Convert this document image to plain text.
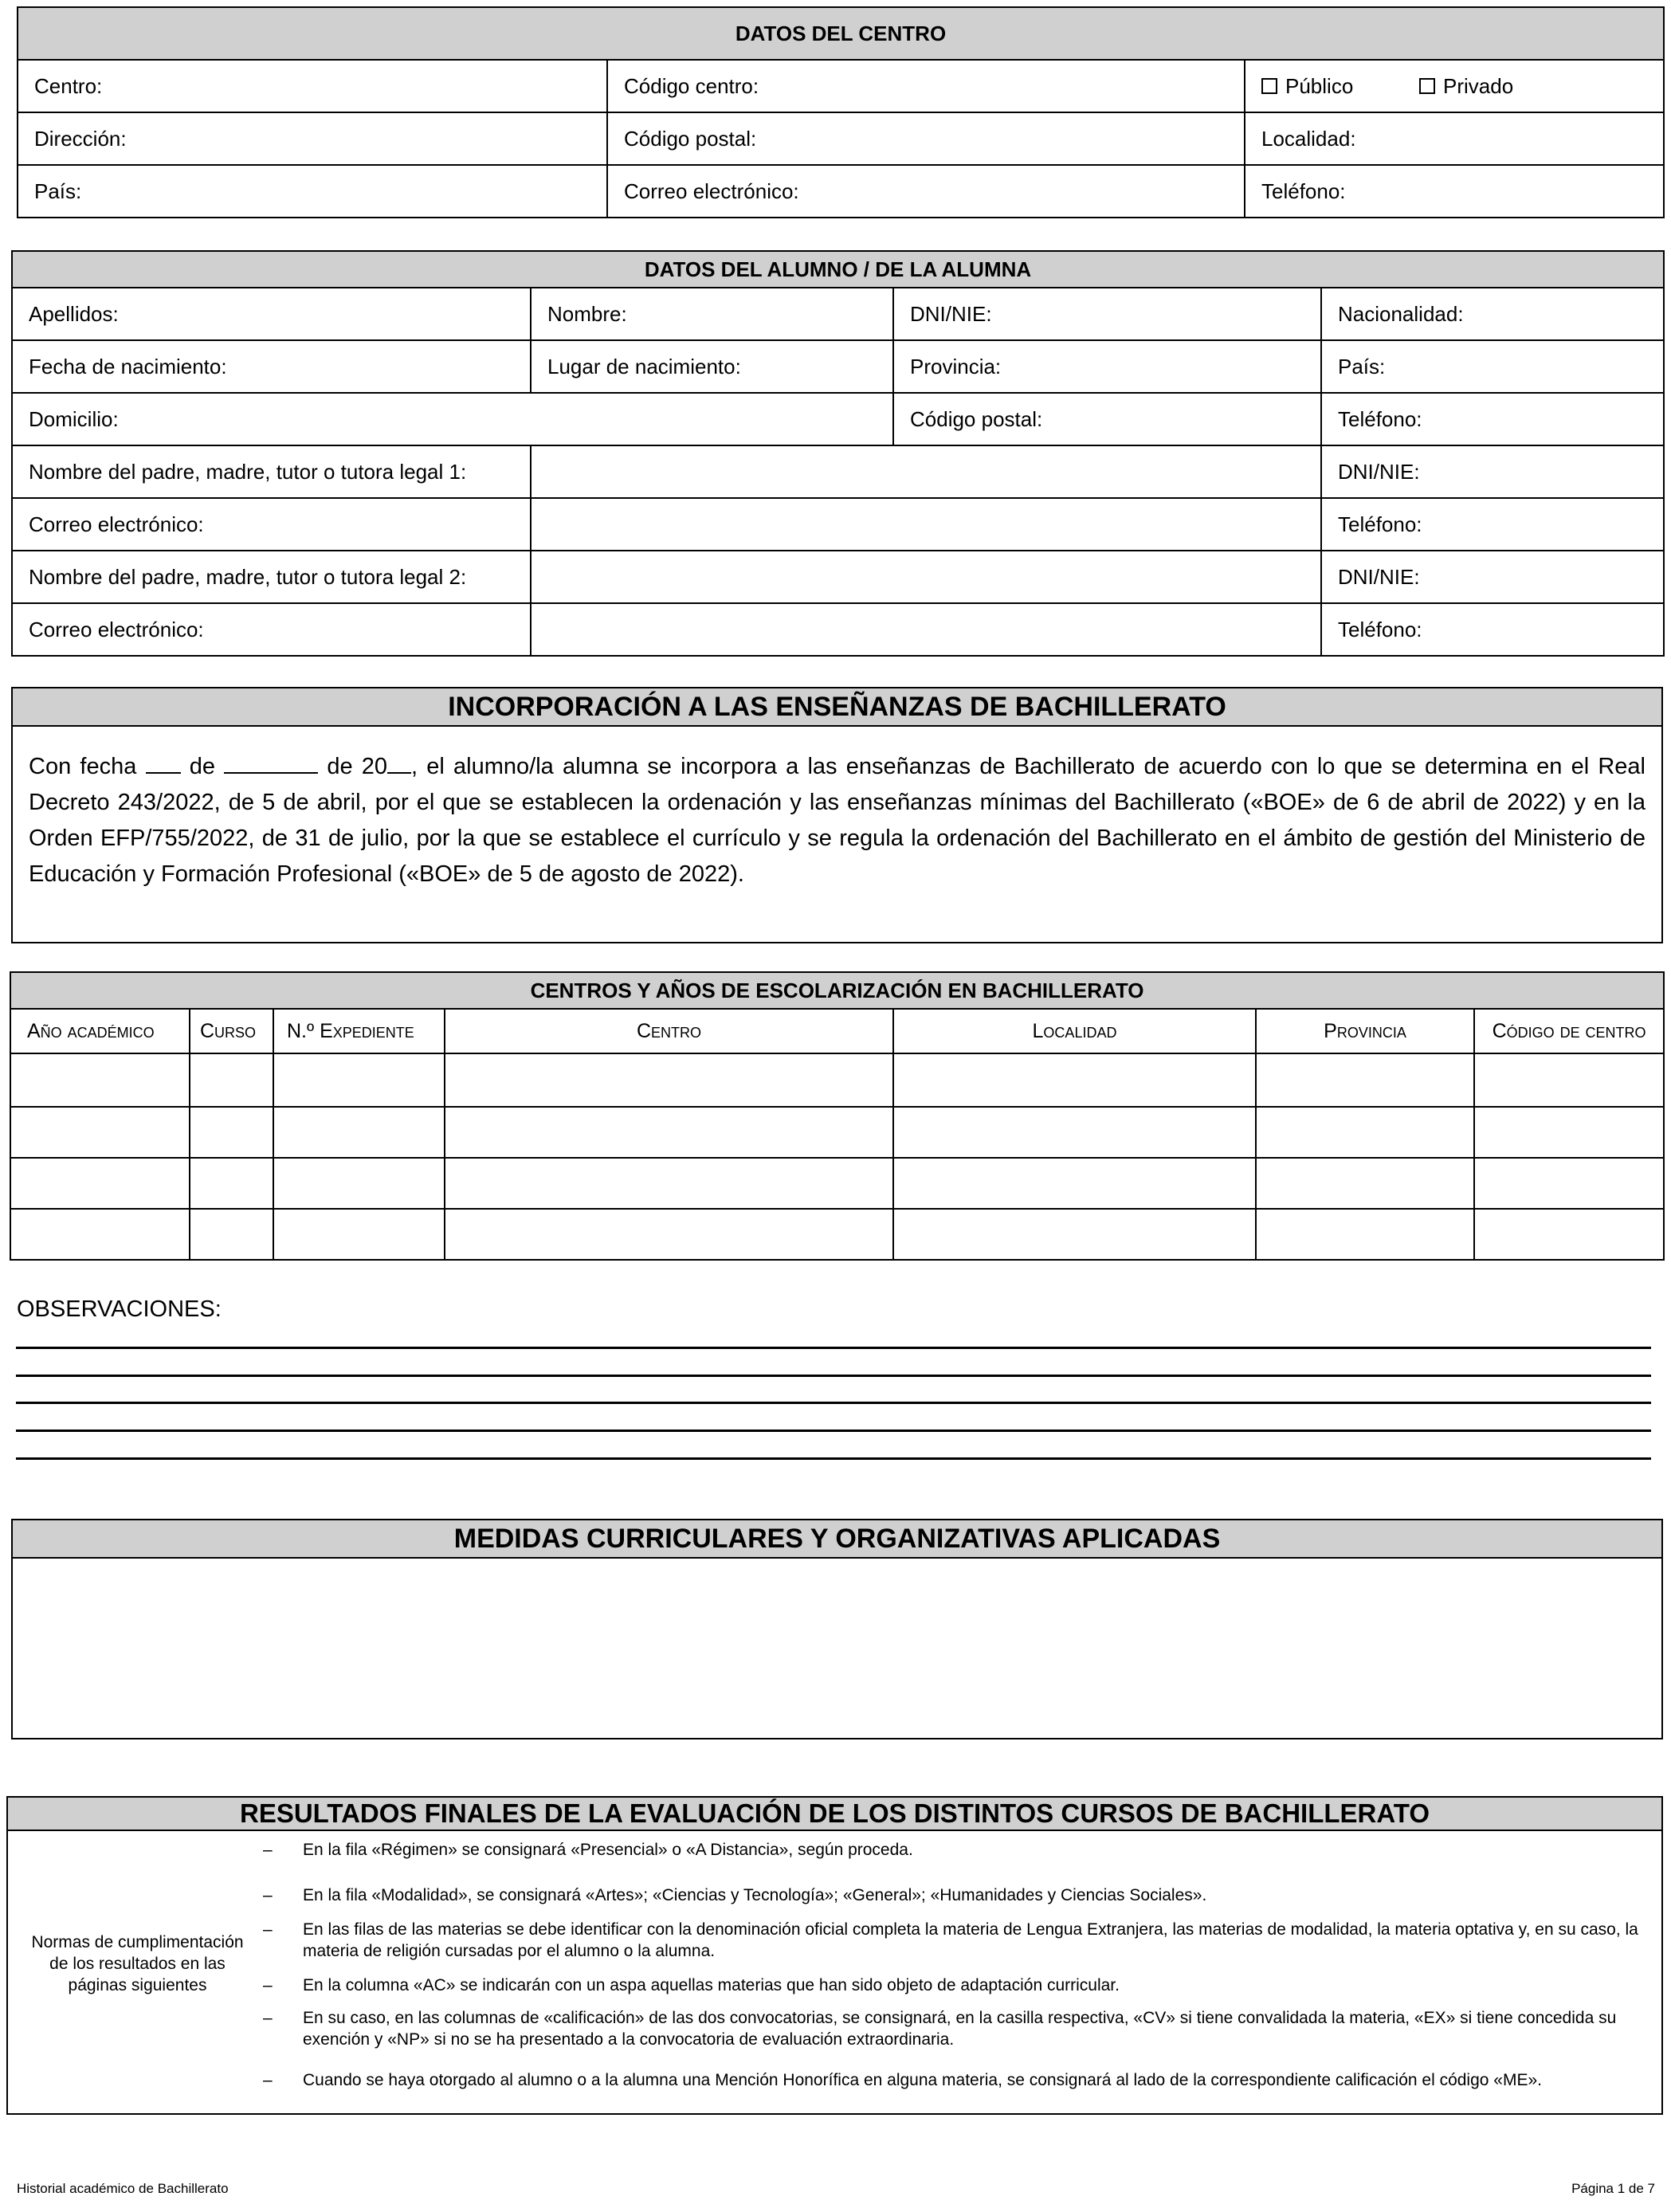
DATOS DEL CENTRO		
Centro:	Código centro:	Público Privado
Dirección:	Código postal:	Localidad:
País:	Correo electrónico:	Teléfono:
DATOS DEL ALUMNO / DE LA ALUMNA			
Apellidos:	Nombre:	DNI/NIE:	Nacionalidad:
Fecha de nacimiento:	Lugar de nacimiento:	Provincia:	País:
Domicilio:		Código postal:	Teléfono:
Nombre del padre, madre, tutor o tutora legal 1:			DNI/NIE:
Correo electrónico:			Teléfono:
Nombre del padre, madre, tutor o tutora legal 2:			DNI/NIE:
Correo electrónico:			Teléfono:
INCORPORACIÓN A LAS ENSEÑANZAS DE BACHILLERATO
Con fecha de	de 20 , el alumno/la alumna se incorpora a las enseñanzas de Bachillerato de acuerdo con lo que se determina en el Real Decreto 243/2022, de 5 de abril, por el que se establecen la ordenación y las enseñanzas mínimas del Bachillerato («BOE» de 6 de abril de 2022) y en la Orden EFP/755/2022, de 31 de julio, por la que se establece el currículo y se regula la ordenación del Bachillerato en el ámbito de gestión del Ministerio de Educación y Formación Profesional («BOE» de 5 de agosto de 2022).
CENTROS Y AÑOS DE ESCOLARIZACIÓN EN BACHILLERATO						
Año académico	Curso	N.º Expediente	Centro	Localidad	Provincia	Código de centro

OBSERVACIONES:
MEDIDAS CURRICULARES Y ORGANIZATIVAS APLICADAS
RESULTADOS FINALES DE LA EVALUACIÓN DE LOS DISTINTOS CURSOS DE BACHILLERATO
Normas de cumplimentación de los resultados en las páginas siguientes
– En la fila «Régimen» se consignará «Presencial» o «A Distancia», según proceda.
– En la fila «Modalidad», se consignará «Artes»; «Ciencias y Tecnología»; «General»; «Humanidades y Ciencias Sociales».
– En las filas de las materias se debe identificar con la denominación oficial completa la materia de Lengua Extranjera, las materias de modalidad, la materia optativa y, en su caso, la materia de religión cursadas por el alumno o la alumna.
– En la columna «AC» se indicarán con un aspa aquellas materias que han sido objeto de adaptación curricular.
– En su caso, en las columnas de «calificación» de las dos convocatorias, se consignará, en la casilla respectiva, «CV» si tiene convalidada la materia, «EX» si tiene concedida su exención y «NP» si no se ha presentado a la convocatoria de evaluación extraordinaria.
– Cuando se haya otorgado al alumno o a la alumna una Mención Honorífica en alguna materia, se consignará al lado de la correspondiente calificación el código «ME».
Historial académico de Bachillerato	Página 1 de 7
